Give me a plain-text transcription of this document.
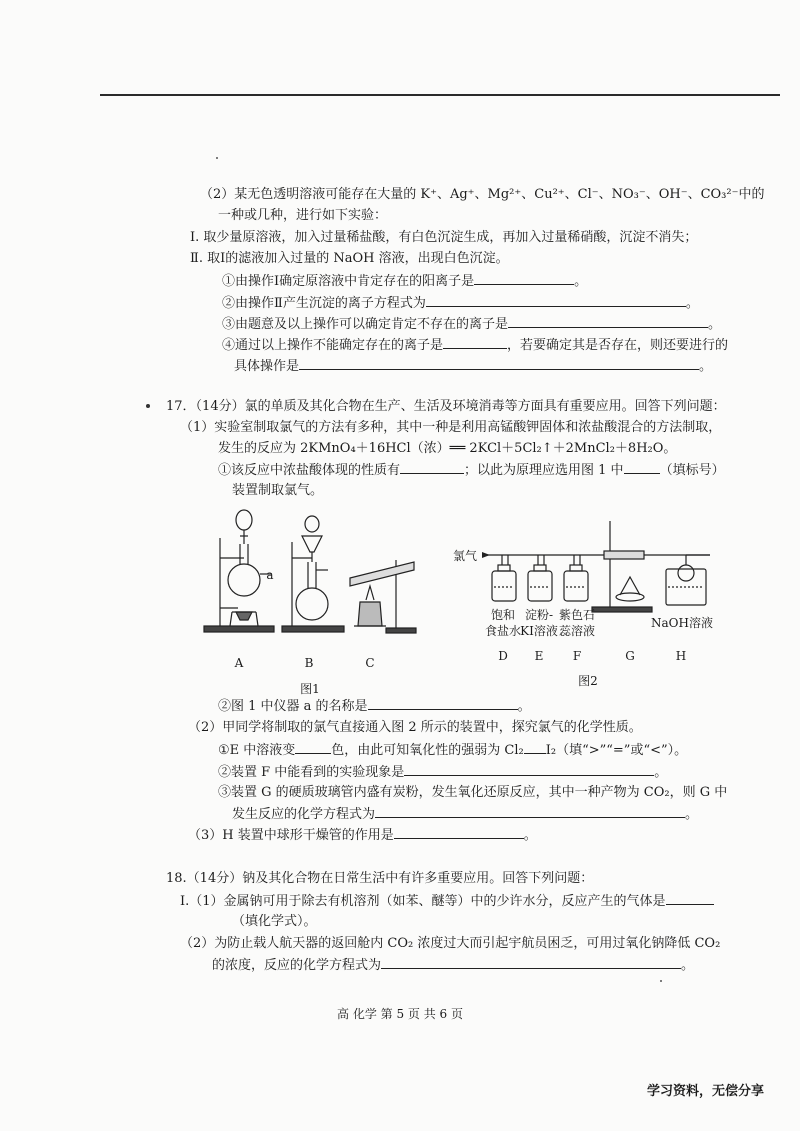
（2）某无色透明溶液可能存在大量的 K⁺、Ag⁺、Mg²⁺、Cu²⁺、Cl⁻、NO₃⁻、OH⁻、CO₃²⁻中的
一种或几种，进行如下实验：
Ⅰ. 取少量原溶液，加入过量稀盐酸，有白色沉淀生成，再加入过量稀硝酸，沉淀不消失；
Ⅱ. 取Ⅰ的滤液加入过量的 NaOH 溶液，出现白色沉淀。
①由操作Ⅰ确定原溶液中肯定存在的阳离子是	。
②由操作Ⅱ产生沉淀的离子方程式为	。
③由题意及以上操作可以确定肯定不存在的离子是	。
④通过以上操作不能确定存在的离子是	，若要确定其是否存在，则还要进行的
具体操作是	。
17．（14分）氯的单质及其化合物在生产、生活及环境消毒等方面具有重要应用。回答下列问题：
（1）实验室制取氯气的方法有多种，其中一种是利用高锰酸钾固体和浓盐酸混合的方法制取，
发生的反应为 2KMnO₄＋16HCl（浓）══ 2KCl＋5Cl₂↑＋2MnCl₂＋8H₂O。
①该反应中浓盐酸体现的性质有	；以此为原理应选用图 1 中	（填标号）
装置制取氯气。
A	B	C
a
图1
氯气
饱和
食盐水
淀粉-
KI溶液
紫色石
蕊溶液
NaOH溶液
D	E	F	G	H
图2
②图 1 中仪器 a 的名称是	。
（2）甲同学将制取的氯气直接通入图 2 所示的装置中，探究氯气的化学性质。
①E 中溶液变	色，由此可知氧化性的强弱为 Cl₂ I₂（填“>”“=”或“<”）。
②装置 F 中能看到的实验现象是	。
③装置 G 的硬质玻璃管内盛有炭粉，发生氧化还原反应，其中一种产物为 CO₂，则 G 中
发生反应的化学方程式为	。
（3）H 装置中球形干燥管的作用是	。
18.（14分）钠及其化合物在日常生活中有许多重要应用。回答下列问题：
Ⅰ.（1）金属钠可用于除去有机溶剂（如苯、醚等）中的少许水分，反应产生的气体是
（填化学式）。
（2）为防止载人航天器的返回舱内 CO₂ 浓度过大而引起宇航员困乏，可用过氧化钠降低 CO₂
的浓度，反应的化学方程式为	。
高 化学 第 5 页 共 6 页
学习资料，无偿分享
